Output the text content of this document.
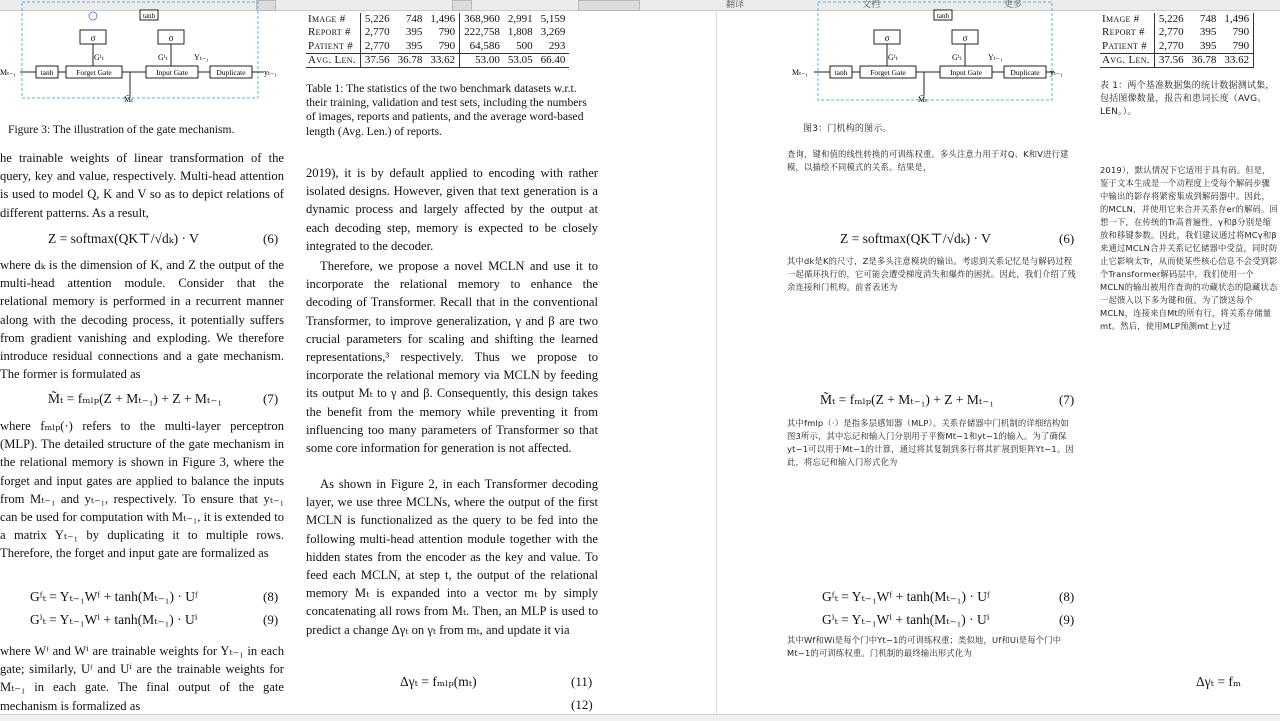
翻译	文档	更多
σ	σ
tanh
Gᶠₜ	Gⁱₜ	Yₜ₋₁
tanh	Forget Gate	Input Gate	Duplicate
Mₜ₋₁	yₜ₋₁
M̃ₜ
Figure 3: The illustration of the gate mechanism.
he trainable weights of linear transformation of the query, key and value, respectively. Multi-head attention is used to model Q, K and V so as to depict relations of different patterns. As a result,
Z = softmax(QK⊤/√dₖ) · V	(6)
where dₖ is the dimension of K, and Z the output of the multi-head attention module. Consider that the relational memory is performed in a recurrent manner along with the decoding process, it potentially suffers from gradient vanishing and exploding. We therefore introduce residual connections and a gate mechanism. The former is formulated as
M̃ₜ = fₘₗₚ(Z + Mₜ₋₁) + Z + Mₜ₋₁	(7)
where fₘₗₚ(·) refers to the multi-layer perceptron (MLP). The detailed structure of the gate mechanism in the relational memory is shown in Figure 3, where the forget and input gates are applied to balance the inputs from Mₜ₋₁ and yₜ₋₁, respectively. To ensure that yₜ₋₁ can be used for computation with Mₜ₋₁, it is extended to a matrix Yₜ₋₁ by duplicating it to multiple rows. Therefore, the forget and input gate are formalized as
Gᶠₜ = Yₜ₋₁Wᶠ + tanh(Mₜ₋₁) · Uᶠ	(8)
Gⁱₜ = Yₜ₋₁Wⁱ + tanh(Mₜ₋₁) · Uⁱ	(9)
where Wᶠ and Wⁱ are trainable weights for Yₜ₋₁ in each gate; similarly, Uᶠ and Uⁱ are the trainable weights for Mₜ₋₁ in each gate. The final output of the gate mechanism is formalized as
Image #	5,226	748	1,496	368,960	2,991	5,159
Report #	2,770	395	790	222,758	1,808	3,269
Patient #	2,770	395	790	64,586	500	293
Avg. Len.	37.56	36.78	33.62	53.00	53.05	66.40
Table 1: The statistics of the two benchmark datasets w.r.t. their training, validation and test sets, including the numbers of images, reports and patients, and the average word-based length (Avg. Len.) of reports.
2019), it is by default applied to encoding with rather isolated designs. However, given that text generation is a dynamic process and largely affected by the output at each decoding step, memory is expected to be closely integrated to the decoder.
Therefore, we propose a novel MCLN and use it to incorporate the relational memory to enhance the decoding of Transformer. Recall that in the conventional Transformer, to improve generalization, γ and β are two crucial parameters for scaling and shifting the learned representations,³ respectively. Thus we propose to incorporate the relational memory via MCLN by feeding its output Mₜ to γ and β. Consequently, this design takes the benefit from the memory while preventing it from influencing too many parameters of Transformer so that some core information for generation is not affected.
As shown in Figure 2, in each Transformer decoding layer, we use three MCLNs, where the output of the first MCLN is functionalized as the query to be fed into the following multi-head attention module together with the hidden states from the encoder as the key and value. To feed each MCLN, at step t, the output of the relational memory Mₜ is expanded into a vector mₜ by simply concatenating all rows from Mₜ. Then, an MLP is used to predict a change Δγₜ on γₜ from mₜ, and update it via
Δγₜ = fₘₗₚ(mₜ)	(11)
(12)
σ	σ
tanh
Gᶠₜ	Gⁱₜ	Yₜ₋₁
tanh	Forget Gate	Input Gate	Duplicate
Mₜ₋₁	yₜ₋₁
M̃ₜ
图3：门机构的图示。
查询，键和值的线性转换的可训练权重。多头注意力用于对Q、K和V进行建模，以描绘不同模式的关系。结果是，
Z = softmax(QK⊤/√dₖ) · V	(6)
其中dk是K的尺寸，Z是多头注意模块的输出。考虑到关系记忆是与解码过程一起循环执行的，它可能会遭受梯度消失和爆炸的困扰。因此，我们介绍了残余连接和门机构。前者表述为
M̃ₜ = fₘₗₚ(Z + Mₜ₋₁) + Z + Mₜ₋₁	(7)
其中fmlp（·）是指多层感知器（MLP）。关系存储器中门机制的详细结构如图3所示，其中忘记和输入门分别用于平衡Mt−1和yt−1的输入。为了确保yt−1可以用于Mt−1的计算，通过将其复制到多行将其扩展到矩阵Yt−1。因此，将忘记和输入门形式化为
Gᶠₜ = Yₜ₋₁Wᶠ + tanh(Mₜ₋₁) · Uᶠ	(8)
Gⁱₜ = Yₜ₋₁Wⁱ + tanh(Mₜ₋₁) · Uⁱ	(9)
其中Wf和Wi是每个门中Yt−1的可训练权重；类似地，Uf和Ui是每个门中Mt−1的可训练权重。门机制的最终输出形式化为
Image #	5,226	748	1,496
Report #	2,770	395	790
Patient #	2,770	395	790
Avg. Len.	37.56	36.78	33.62
表 1：两个基准数据集的统计数据测试集，包括图像数量，报告和患词长度（AVG。LEN。）。
2019），默认情况下它适用于具有码。但是，鉴于文本生成是一个动程度上受每个解码步骤中输出的影存将紧密集成到解码器中。因此，的MCLN，并使用它来合并关系存er的解码。回想一下，在传统的Tr高普遍性，γ和β分别是缩放和移键参数。因此，我们建议通过将MCγ和β来通过MCLN合并关系记忆储器中受益，同时防止它影响太Tr，从而使某些核心信息不会受到影个Transformer解码层中，我们使用一个MCLN的输出被用作查询的功藏状态的隐藏状态一起馈入以下多为键和值。为了馈送每个MCLN，连接来自Mt的所有行，将关系存储量mt。然后，使用MLP预测mt上γ过
Δγₜ = fₘ
